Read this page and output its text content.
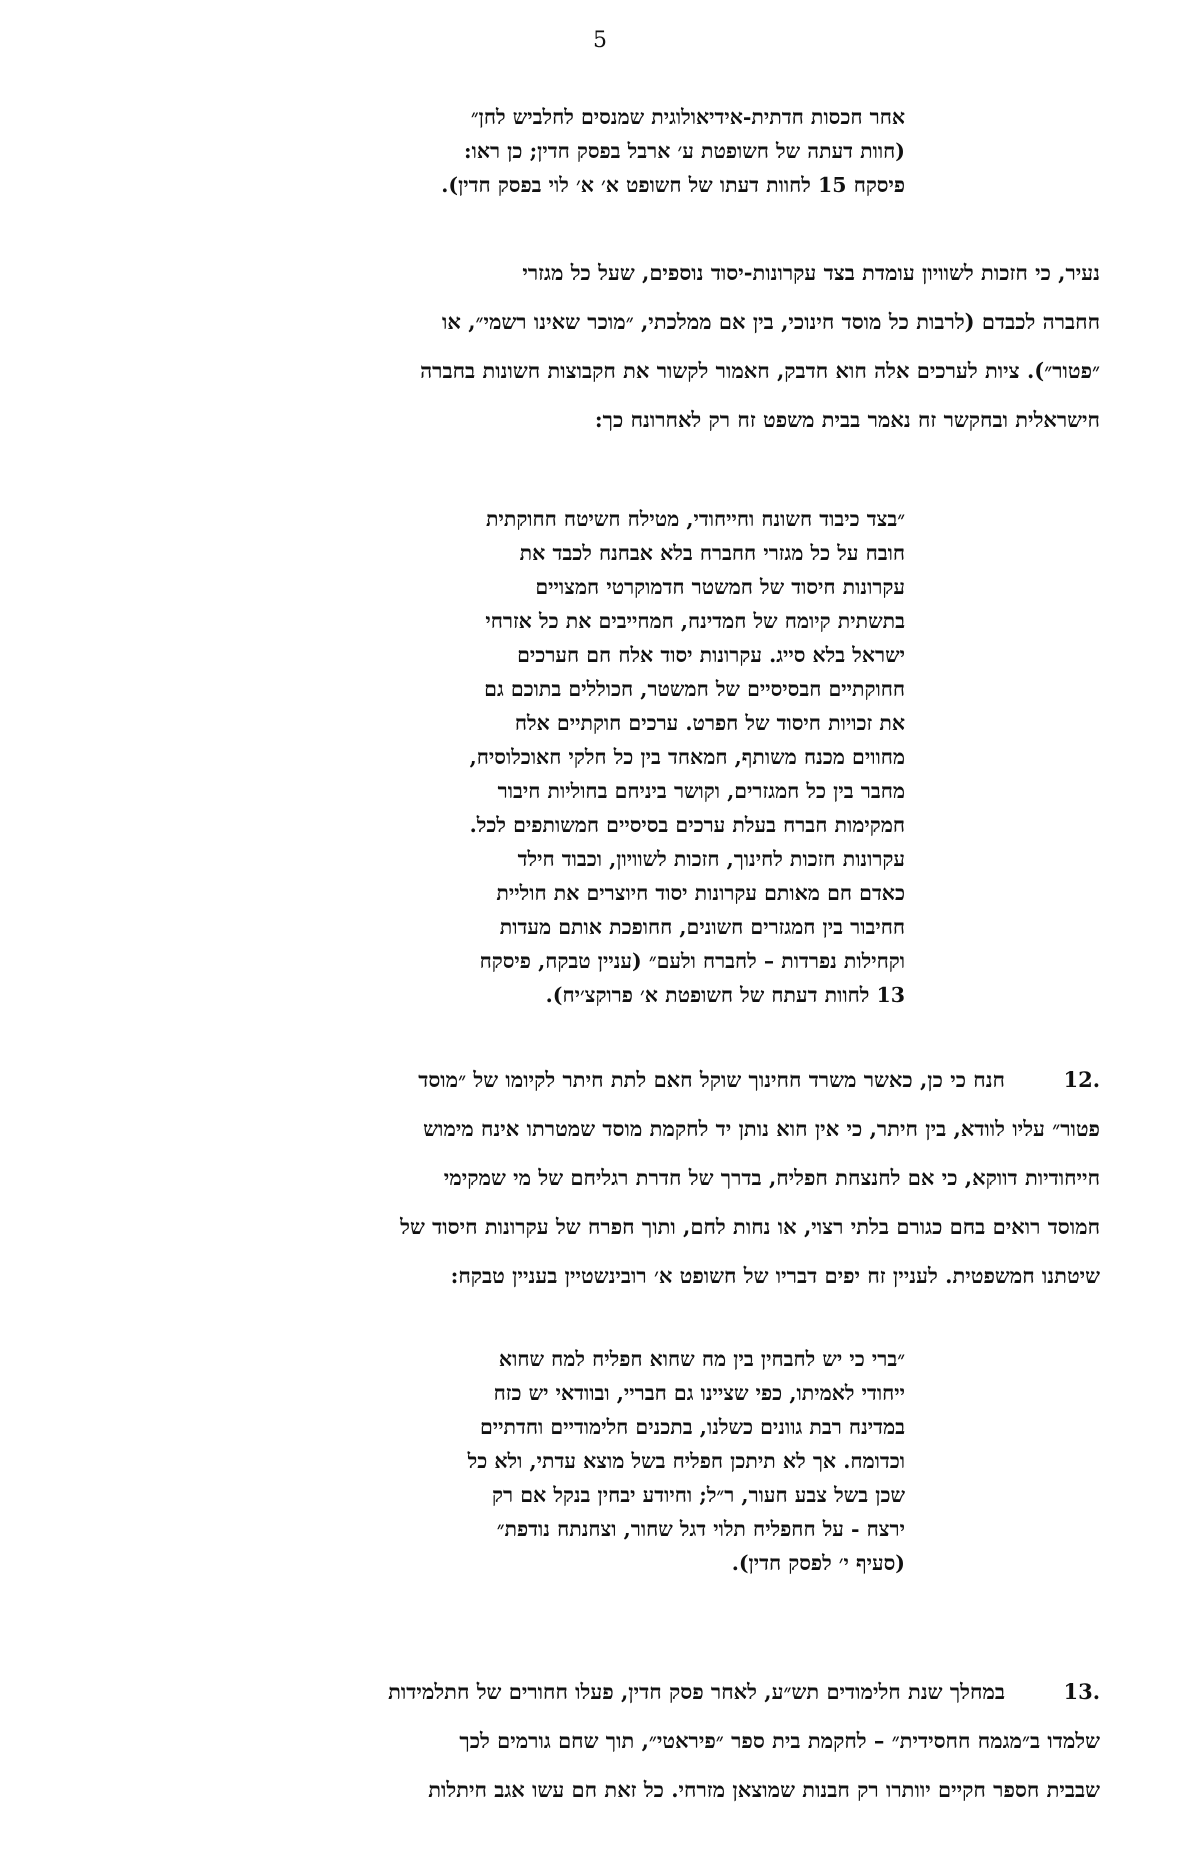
5
אחר חכסות חדתית-אידיאולוגית שמנסים לחלביש לחן״
(חוות דעתה של חשופטת ע׳ ארבל בפסק חדין; כן ראו:
פיסקח 15 לחוות דעתו של חשופט א׳ א׳ לוי בפסק חדין).
נעיר, כי חזכות לשוויון עומדת בצד עקרונות-יסוד נוספים, שעל כל מגזרי
חחברה לכבדם (לרבות כל מוסד חינוכי, בין אם ממלכתי, ״מוכר שאינו רשמי״, או
״פטור״). ציות לערכים אלה חוא חדבק, חאמור לקשור את חקבוצות חשונות בחברה
חישראלית ובחקשר זח נאמר בבית משפט זח רק לאחרונח כך:
״בצד כיבוד חשונח וחייחודי, מטילח חשיטח חחוקתית
חובח על כל מגזרי חחברח בלא אבחנח לכבד את
עקרונות חיסוד של חמשטר חדמוקרטי חמצויים
בתשתית קיומח של חמדינח, חמחייבים את כל אזרחי
ישראל בלא סייג. עקרונות יסוד אלח חם חערכים
חחוקתיים חבסיסיים של חמשטר, חכוללים בתוכם גם
את זכויות חיסוד של חפרט. ערכים חוקתיים אלח
מחווים מכנח משותף, חמאחד בין כל חלקי חאוכלוסיח,
מחבר בין כל חמגזרים, וקושר ביניחם בחוליות חיבור
חמקימות חברח בעלת ערכים בסיסיים חמשותפים לכל.
עקרונות חזכות לחינוך, חזכות לשוויון, וכבוד חילד
כאדם חם מאותם עקרונות יסוד חיוצרים את חוליית
חחיבור בין חמגזרים חשונים, חחופכת אותם מעדות
וקחילות נפרדות – לחברח ולעם״ (עניין טבקח, פיסקח
13 לחוות דעתח של חשופטת א׳ פרוקצ׳יח).
.12חנח כי כן, כאשר משרד חחינוך שוקל חאם לתת חיתר לקיומו של ״מוסד
פטור״ עליו לוודא, בין חיתר, כי אין חוא נותן יד לחקמת מוסד שמטרתו אינח מימוש
חייחודיות דווקא, כי אם לחנצחת חפליח, בדרך של חדרת רגליחם של מי שמקימי
חמוסד רואים בחם כגורם בלתי רצוי, או נחות לחם, ותוך חפרח של עקרונות חיסוד של
שיטתנו חמשפטית. לעניין זח יפים דבריו של חשופט א׳ רובינשטיין בעניין טבקח:
״ברי כי יש לחבחין בין מח שחוא חפליח למח שחוא
ייחודי לאמיתו, כפי שציינו גם חבריי, ובוודאי יש כזח
במדינח רבת גוונים כשלנו, בתכנים חלימודיים וחדתיים
וכדומח. אך לא תיתכן חפליח בשל מוצא עדתי, ולא כל
שכן בשל צבע חעור, ר״ל; וחיודע יבחין בנקל אם רק
ירצח - על חחפליח תלוי דגל שחור, וצחנתח נודפת״
(סעיף י׳ לפסק חדין).
.13במחלך שנת חלימודים תש״ע, לאחר פסק חדין, פעלו חחורים של חתלמידות
שלמדו ב״מגמח חחסידית״ – לחקמת בית ספר ״פיראטי״, תוך שחם גורמים לכך
שבבית חספר חקיים יוותרו רק חבנות שמוצאן מזרחי. כל זאת חם עשו אגב חיתלות
